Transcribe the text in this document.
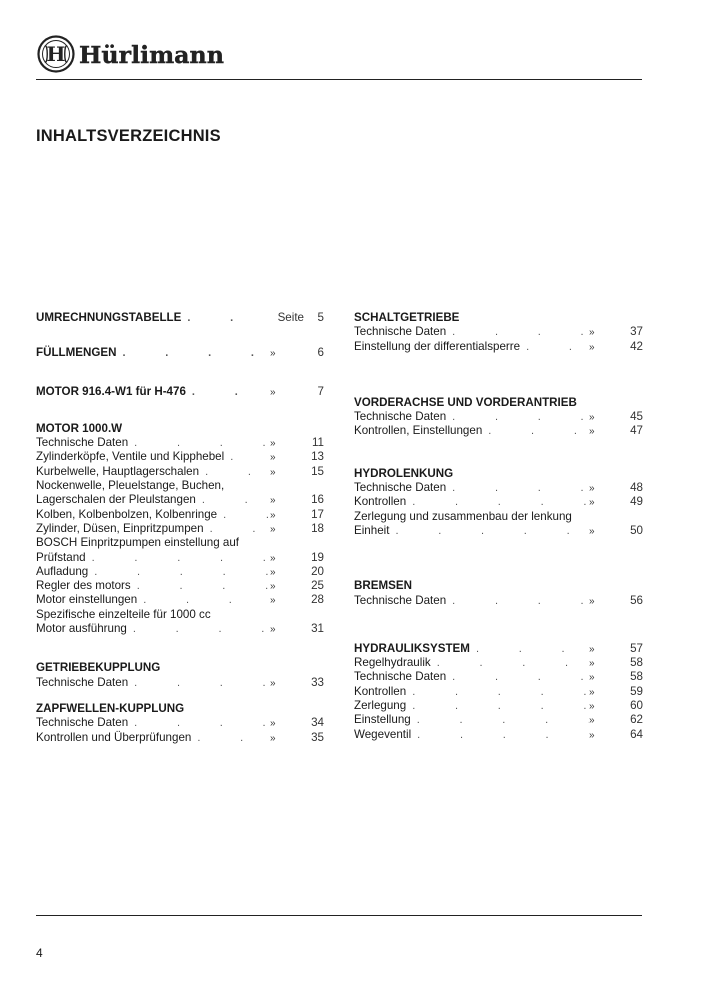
H Hürlimann
INHALTSVERZEICHNIS
UMRECHNUNGSTABELLE .	Seite 5
FÜLLMENGEN .	»	6
MOTOR 916.4-W1 für H-476 .	»	7
MOTOR 1000.W
Technische Daten .	»	11
Zylinderköpfe, Ventile und Kipphebel .	»	13
Kurbelwelle, Hauptlagerschalen .	»	15
Nockenwelle, Pleuelstange, Buchen,
Lagerschalen der Pleulstangen .	»	16
Kolben, Kolbenbolzen, Kolbenringe .	»	17
Zylinder, Düsen, Einpritzpumpen .	»	18
BOSCH Einpritzpumpen einstellung auf
Prüfstand .	»	19
Aufladung .	»	20
Regler des motors .	»	25
Motor einstellungen .	»	28
Spezifische einzelteile für 1000 cc
Motor ausführung .	»	31
GETRIEBEKUPPLUNG
Technische Daten .	»	33
ZAPFWELLEN-KUPPLUNG
Technische Daten .	»	34
Kontrollen und Überprüfungen .	»	35
SCHALTGETRIEBE
Technische Daten .	»	37
Einstellung der differentialsperre .	»	42
VORDERACHSE UND VORDERANTRIEB
Technische Daten .	»	45
Kontrollen, Einstellungen .	»	47
HYDROLENKUNG
Technische Daten .	»	48
Kontrollen .	»	49
Zerlegung und zusammenbau der lenkung
Einheit .	»	50
BREMSEN
Technische Daten .	»	56
HYDRAULIKSYSTEM .	»	57
Regelhydraulik .	»	58
Technische Daten .	»	58
Kontrollen .	»	59
Zerlegung .	»	60
Einstellung .	»	62
Wegeventil .	»	64
4
